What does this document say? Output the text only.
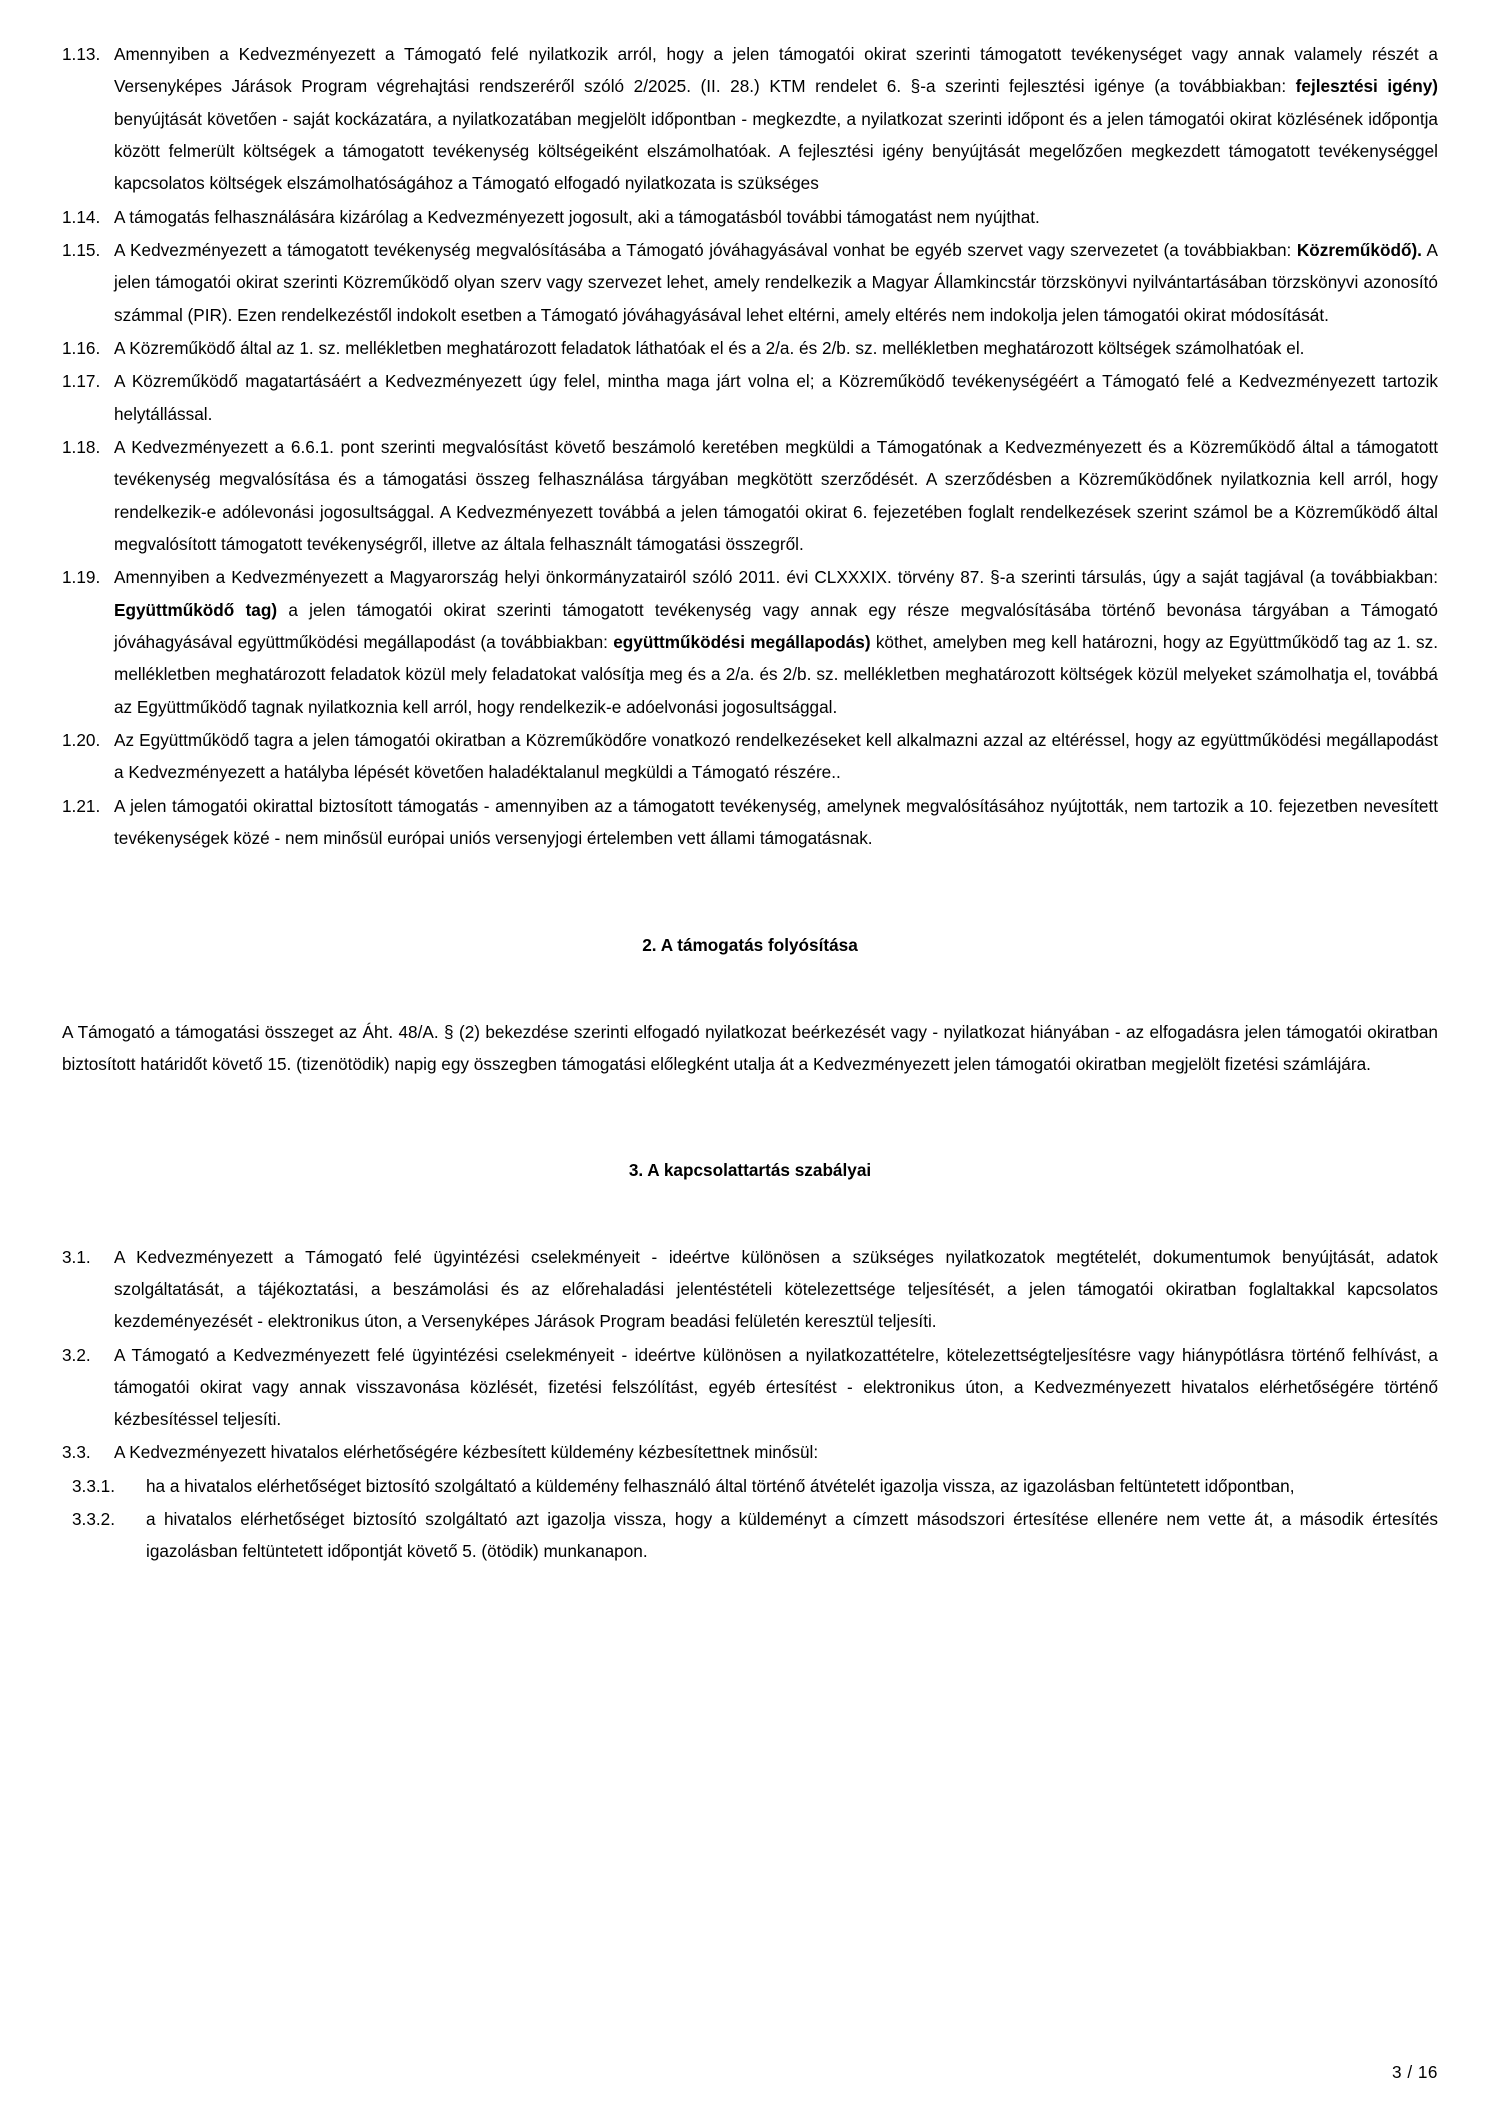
1.13. Amennyiben a Kedvezményezett a Támogató felé nyilatkozik arról, hogy a jelen támogatói okirat szerinti támogatott tevékenységet vagy annak valamely részét a Versenyképes Járások Program végrehajtási rendszeréről szóló 2/2025. (II. 28.) KTM rendelet 6. §-a szerinti fejlesztési igénye (a továbbiakban: fejlesztési igény) benyújtását követően - saját kockázatára, a nyilatkozatában megjelölt időpontban - megkezdte, a nyilatkozat szerinti időpont és a jelen támogatói okirat közlésének időpontja között felmerült költségek a támogatott tevékenység költségeiként elszámolhatóak. A fejlesztési igény benyújtását megelőzően megkezdett támogatott tevékenységgel kapcsolatos költségek elszámolhatóságához a Támogató elfogadó nyilatkozata is szükséges
1.14. A támogatás felhasználására kizárólag a Kedvezményezett jogosult, aki a támogatásból további támogatást nem nyújthat.
1.15. A Kedvezményezett a támogatott tevékenység megvalósításába a Támogató jóváhagyásával vonhat be egyéb szervet vagy szervezetet (a továbbiakban: Közreműködő). A jelen támogatói okirat szerinti Közreműködő olyan szerv vagy szervezet lehet, amely rendelkezik a Magyar Államkincstár törzskönyvi nyilvántartásában törzskönyvi azonosító számmal (PIR). Ezen rendelkezéstől indokolt esetben a Támogató jóváhagyásával lehet eltérni, amely eltérés nem indokolja jelen támogatói okirat módosítását.
1.16. A Közreműködő által az 1. sz. mellékletben meghatározott feladatok láthatóak el és a 2/a. és 2/b. sz. mellékletben meghatározott költségek számolhatóak el.
1.17. A Közreműködő magatartásáért a Kedvezményezett úgy felel, mintha maga járt volna el; a Közreműködő tevékenységéért a Támogató felé a Kedvezményezett tartozik helytállással.
1.18. A Kedvezményezett a 6.6.1. pont szerinti megvalósítást követő beszámoló keretében megküldi a Támogatónak a Kedvezményezett és a Közreműködő által a támogatott tevékenység megvalósítása és a támogatási összeg felhasználása tárgyában megkötött szerződését. A szerződésben a Közreműködőnek nyilatkoznia kell arról, hogy rendelkezik-e adólevonási jogosultsággal. A Kedvezményezett továbbá a jelen támogatói okirat 6. fejezetében foglalt rendelkezések szerint számol be a Közreműködő által megvalósított támogatott tevékenységről, illetve az általa felhasznált támogatási összegről.
1.19. Amennyiben a Kedvezményezett a Magyarország helyi önkormányzatairól szóló 2011. évi CLXXXIX. törvény 87. §-a szerinti társulás, úgy a saját tagjával (a továbbiakban: Együttműködő tag) a jelen támogatói okirat szerinti támogatott tevékenység vagy annak egy része megvalósításába történő bevonása tárgyában a Támogató jóváhagyásával együttműködési megállapodást (a továbbiakban: együttműködési megállapodás) köthet, amelyben meg kell határozni, hogy az Együttműködő tag az 1. sz. mellékletben meghatározott feladatok közül mely feladatokat valósítja meg és a 2/a. és 2/b. sz. mellékletben meghatározott költségek közül melyeket számolhatja el, továbbá az Együttműködő tagnak nyilatkoznia kell arról, hogy rendelkezik-e adóelvonási jogosultsággal.
1.20. Az Együttműködő tagra a jelen támogatói okiratban a Közreműködőre vonatkozó rendelkezéseket kell alkalmazni azzal az eltéréssel, hogy az együttműködési megállapodást a Kedvezményezett a hatályba lépését követően haladéktalanul megküldi a Támogató részére..
1.21. A jelen támogatói okirattal biztosított támogatás - amennyiben az a támogatott tevékenység, amelynek megvalósításához nyújtották, nem tartozik a 10. fejezetben nevesített tevékenységek közé - nem minősül európai uniós versenyjogi értelemben vett állami támogatásnak.
2. A támogatás folyósítása

A Támogató a támogatási összeget az Áht. 48/A. § (2) bekezdése szerinti elfogadó nyilatkozat beérkezését vagy - nyilatkozat hiányában - az elfogadásra jelen támogatói okiratban biztosított határidőt követő 15. (tizenötödik) napig egy összegben támogatási előlegként utalja át a Kedvezményezett jelen támogatói okiratban megjelölt fizetési számlájára.

3. A kapcsolattartás szabályai
3.1.	A Kedvezményezett a Támogató felé ügyintézési cselekményeit - ideértve különösen a szükséges nyilatkozatok megtételét, dokumentumok benyújtását, adatok szolgáltatását, a tájékoztatási, a beszámolási és az előrehaladási jelentéstételi kötelezettsége teljesítését, a jelen támogatói okiratban foglaltakkal kapcsolatos kezdeményezését - elektronikus úton, a Versenyképes Járások Program beadási felületén keresztül teljesíti.
3.2.	A Támogató a Kedvezményezett felé ügyintézési cselekményeit - ideértve különösen a nyilatkozattételre, kötelezettségteljesítésre vagy hiánypótlásra történő felhívást, a támogatói okirat vagy annak visszavonása közlését, fizetési felszólítást, egyéb értesítést - elektronikus úton, a Kedvezményezett hivatalos elérhetőségére történő kézbesítéssel teljesíti.
3.3.	A Kedvezményezett hivatalos elérhetőségére kézbesített küldemény kézbesítettnek minősül:
3.3.1.	ha a hivatalos elérhetőséget biztosító szolgáltató a küldemény felhasználó által történő átvételét igazolja vissza, az igazolásban feltüntetett időpontban,
3.3.2.	a hivatalos elérhetőséget biztosító szolgáltató azt igazolja vissza, hogy a küldeményt a címzett másodszori értesítése ellenére nem vette át, a második értesítés igazolásban feltüntetett időpontját követő 5. (ötödik) munkanapon.
3 / 16
